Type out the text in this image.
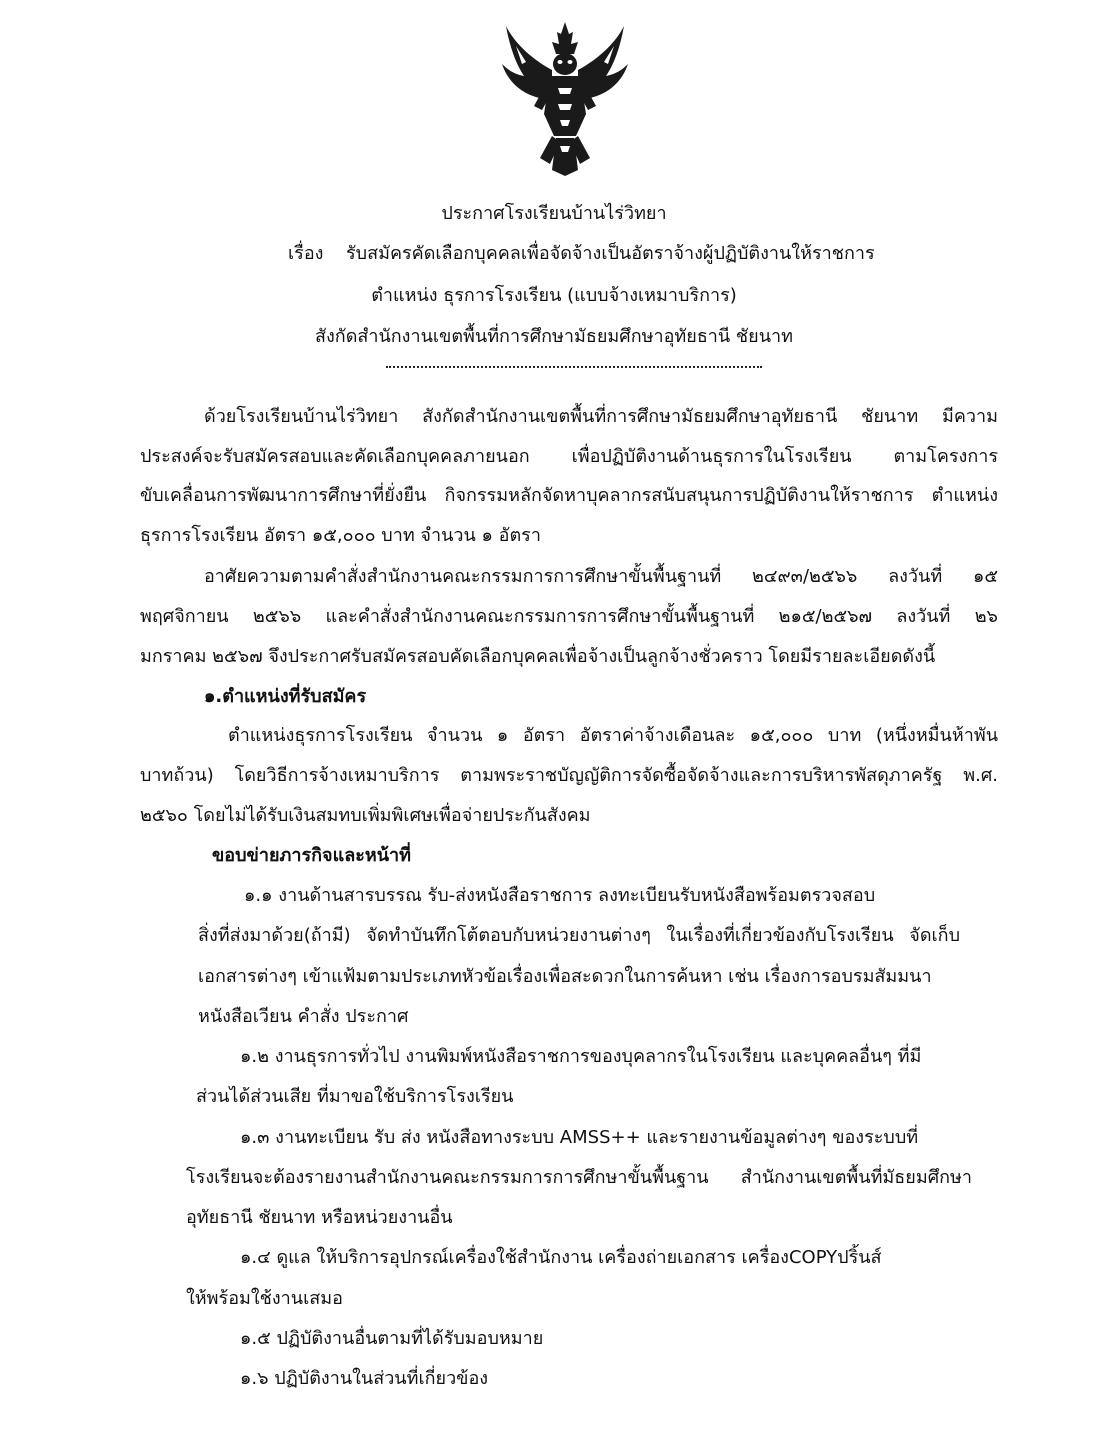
ประกาศโรงเรียนบ้านไร่วิทยา
เรื่อง รับสมัครคัดเลือกบุคคลเพื่อจัดจ้างเป็นอัตราจ้างผู้ปฏิบัติงานให้ราชการ
ตำแหน่ง ธุรการโรงเรียน (แบบจ้างเหมาบริการ)
สังกัดสำนักงานเขตพื้นที่การศึกษามัธยมศึกษาอุทัยธานี ชัยนาท
ด้วยโรงเรียนบ้านไร่วิทยา สังกัดสำนักงานเขตพื้นที่การศึกษามัธยมศึกษาอุทัยธานี ชัยนาท มีความ
ประสงค์จะรับสมัครสอบและคัดเลือกบุคคลภายนอก เพื่อปฏิบัติงานด้านธุรการในโรงเรียน ตามโครงการ
ขับเคลื่อนการพัฒนาการศึกษาที่ยั่งยืน กิจกรรมหลักจัดหาบุคลากรสนับสนุนการปฏิบัติงานให้ราชการ ตำแหน่ง
ธุรการโรงเรียน อัตรา ๑๕,๐๐๐ บาท จำนวน ๑ อัตรา
อาศัยความตามคำสั่งสำนักงานคณะกรรมการการศึกษาขั้นพื้นฐานที่ ๒๔๙๓/๒๕๖๖ ลงวันที่ ๑๕
พฤศจิกายน ๒๕๖๖ และคำสั่งสำนักงานคณะกรรมการการศึกษาขั้นพื้นฐานที่ ๒๑๕/๒๕๖๗ ลงวันที่ ๒๖
มกราคม ๒๕๖๗ จึงประกาศรับสมัครสอบคัดเลือกบุคคลเพื่อจ้างเป็นลูกจ้างชั่วคราว โดยมีรายละเอียดดังนี้
๑.ตำแหน่งที่รับสมัคร
ตำแหน่งธุรการโรงเรียน จำนวน ๑ อัตรา อัตราค่าจ้างเดือนละ ๑๕,๐๐๐ บาท (หนึ่งหมื่นห้าพัน
บาทถ้วน) โดยวิธีการจ้างเหมาบริการ ตามพระราชบัญญัติการจัดซื้อจัดจ้างและการบริหารพัสดุภาครัฐ พ.ศ.
๒๕๖๐ โดยไม่ได้รับเงินสมทบเพิ่มพิเศษเพื่อจ่ายประกันสังคม
ขอบข่ายภารกิจและหน้าที่
๑.๑ งานด้านสารบรรณ รับ-ส่งหนังสือราชการ ลงทะเบียนรับหนังสือพร้อมตรวจสอบ
สิ่งที่ส่งมาด้วย(ถ้ามี) จัดทำบันทึกโต้ตอบกับหน่วยงานต่างๆ ในเรื่องที่เกี่ยวข้องกับโรงเรียน จัดเก็บ
เอกสารต่างๆ เข้าแฟ้มตามประเภทหัวข้อเรื่องเพื่อสะดวกในการค้นหา เช่น เรื่องการอบรมสัมมนา
หนังสือเวียน คำสั่ง ประกาศ
๑.๒ งานธุรการทั่วไป งานพิมพ์หนังสือราชการของบุคลากรในโรงเรียน และบุคคลอื่นๆ ที่มี
ส่วนได้ส่วนเสีย ที่มาขอใช้บริการโรงเรียน
๑.๓ งานทะเบียน รับ ส่ง หนังสือทางระบบ AMSS++ และรายงานข้อมูลต่างๆ ของระบบที่
โรงเรียนจะต้องรายงานสำนักงานคณะกรรมการการศึกษาขั้นพื้นฐาน สำนักงานเขตพื้นที่มัธยมศึกษา
อุทัยธานี ชัยนาท หรือหน่วยงานอื่น
๑.๔ ดูแล ให้บริการอุปกรณ์เครื่องใช้สำนักงาน เครื่องถ่ายเอกสาร เครื่องCOPYปริ้นส์
ให้พร้อมใช้งานเสมอ
๑.๕ ปฏิบัติงานอื่นตามที่ได้รับมอบหมาย
๑.๖ ปฏิบัติงานในส่วนที่เกี่ยวข้อง
